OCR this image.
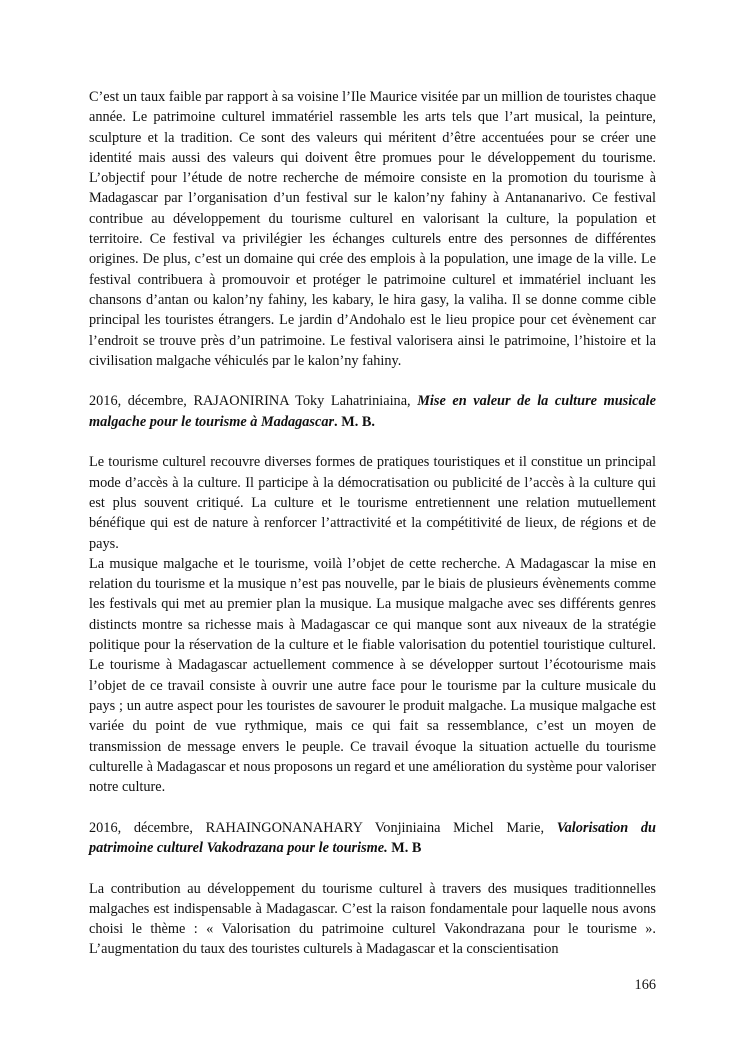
C’est un taux faible par rapport à sa voisine l’Ile Maurice visitée par un million de touristes chaque année. Le patrimoine culturel immatériel rassemble les arts tels que l’art musical, la peinture, sculpture et la tradition. Ce sont des valeurs qui méritent d’être accentuées pour se créer une identité mais aussi des valeurs qui doivent être promues pour le développement du tourisme. L’objectif pour l’étude de notre recherche de mémoire consiste en la promotion du tourisme à Madagascar par l’organisation d’un festival sur le kalon’ny fahiny à Antananarivo. Ce festival contribue au développement du tourisme culturel en valorisant la culture, la population et territoire. Ce festival va privilégier les échanges culturels entre des personnes de différentes origines. De plus, c’est un domaine qui crée des emplois à la population, une image de la ville. Le festival contribuera à promouvoir et protéger le patrimoine culturel et immatériel incluant les chansons d’antan ou kalon’ny fahiny, les kabary, le hira gasy, la valiha. Il se donne comme cible principal les touristes étrangers. Le jardin d’Andohalo est le lieu propice pour cet évènement car l’endroit se trouve près d’un patrimoine. Le festival valorisera ainsi le patrimoine, l’histoire et la civilisation malgache véhiculés par le kalon’ny fahiny.

2016, décembre, RAJAONIRINA Toky Lahatriniaina, Mise en valeur de la culture musicale malgache pour le tourisme à Madagascar. M. B.

Le tourisme culturel recouvre diverses formes de pratiques touristiques et il constitue un principal mode d’accès à la culture. Il participe à la démocratisation ou publicité de l’accès à la culture qui est plus souvent critiqué. La culture et le tourisme entretiennent une relation mutuellement bénéfique qui est de nature à renforcer l’attractivité et la compétitivité de lieux, de régions et de pays.

La musique malgache et le tourisme, voilà l’objet de cette recherche. A Madagascar la mise en relation du tourisme et la musique n’est pas nouvelle, par le biais de plusieurs évènements comme les festivals qui met au premier plan la musique. La musique malgache avec ses différents genres distincts montre sa richesse mais à Madagascar ce qui manque sont aux niveaux de la stratégie politique pour la réservation de la culture et le fiable valorisation du potentiel touristique culturel. Le tourisme à Madagascar actuellement commence à se développer surtout l’écotourisme mais l’objet de ce travail consiste à ouvrir une autre face pour le tourisme par la culture musicale du pays ; un autre aspect pour les touristes de savourer le produit malgache. La musique malgache est variée du point de vue rythmique, mais ce qui fait sa ressemblance, c’est un moyen de transmission de message envers le peuple. Ce travail évoque la situation actuelle du tourisme culturelle à Madagascar et nous proposons un regard et une amélioration du système pour valoriser notre culture.

2016, décembre, RAHAINGONANAHARY Vonjiniaina Michel Marie, Valorisation du patrimoine culturel Vakodrazana pour le tourisme. M. B

La contribution au développement du tourisme culturel à travers des musiques traditionnelles malgaches est indispensable à Madagascar. C’est la raison fondamentale pour laquelle nous avons choisi le thème : « Valorisation du patrimoine culturel Vakondrazana pour le tourisme ». L’augmentation du taux des touristes culturels à Madagascar et la conscientisation

166
